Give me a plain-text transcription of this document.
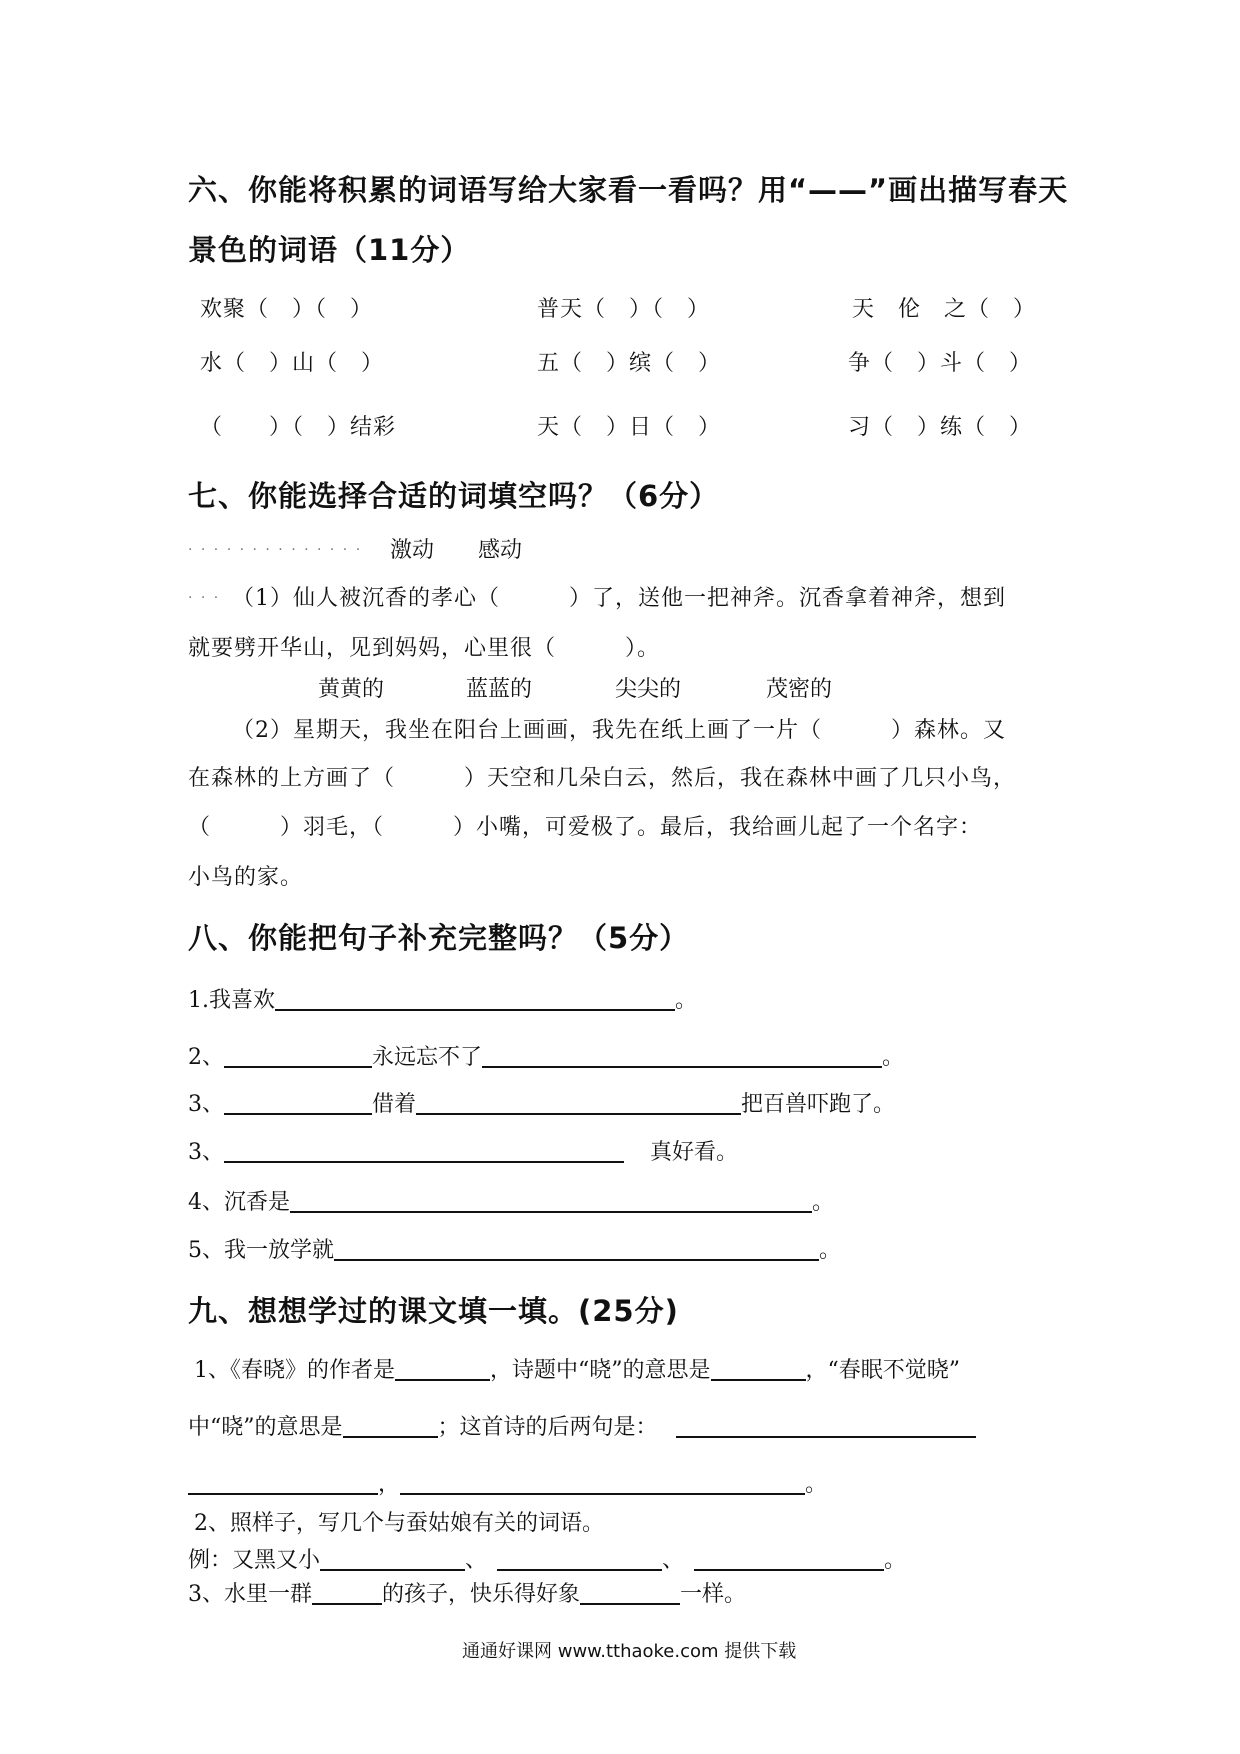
六、你能将积累的词语写给大家看一看吗？用“——”画出描写春天
景色的词语（11分）
欢聚（　）（　）	普天（　）（　）	天　伦　之（　）
水（　）山（　）	五（　）缤（　）	争（　）斗（　）
（　　）（　）结彩	天（　）日（　）	习（　）练（　）
七、你能选择合适的词填空吗？（6分）
· · · · · · · · · · · · · · 激动 感动
· · · （1）仙人被沉香的孝心（　　　）了，送他一把神斧。沉香拿着神斧，想到
就要劈开华山，见到妈妈，心里很（　　　）。
黄黄的	蓝蓝的	尖尖的	茂密的
（2）星期天，我坐在阳台上画画，我先在纸上画了一片（　　　）森林。又
在森林的上方画了（　　　）天空和几朵白云，然后，我在森林中画了几只小鸟，
（　　　）羽毛，（　　　）小嘴，可爱极了。最后，我给画儿起了一个名字：
小鸟的家。
八、你能把句子补充完整吗？（5分）
1.我喜欢	。
2、	永远忘不了	。
3、	借着	把百兽吓跑了。
3、	真好看。
4、沉香是	。
5、我一放学就	。
九、想想学过的课文填一填。(25分)
1、《春晓》的作者是	，诗题中“晓”的意思是	，“春眠不觉晓”
中“晓”的意思是	；这首诗的后两句是：
，	。
2、照样子，写几个与蚕姑娘有关的词语。
例：又黑又小	、	、	。
3、水里一群	的孩子，快乐得好象	一样。
通通好课网 www.tthaoke.com 提供下载
